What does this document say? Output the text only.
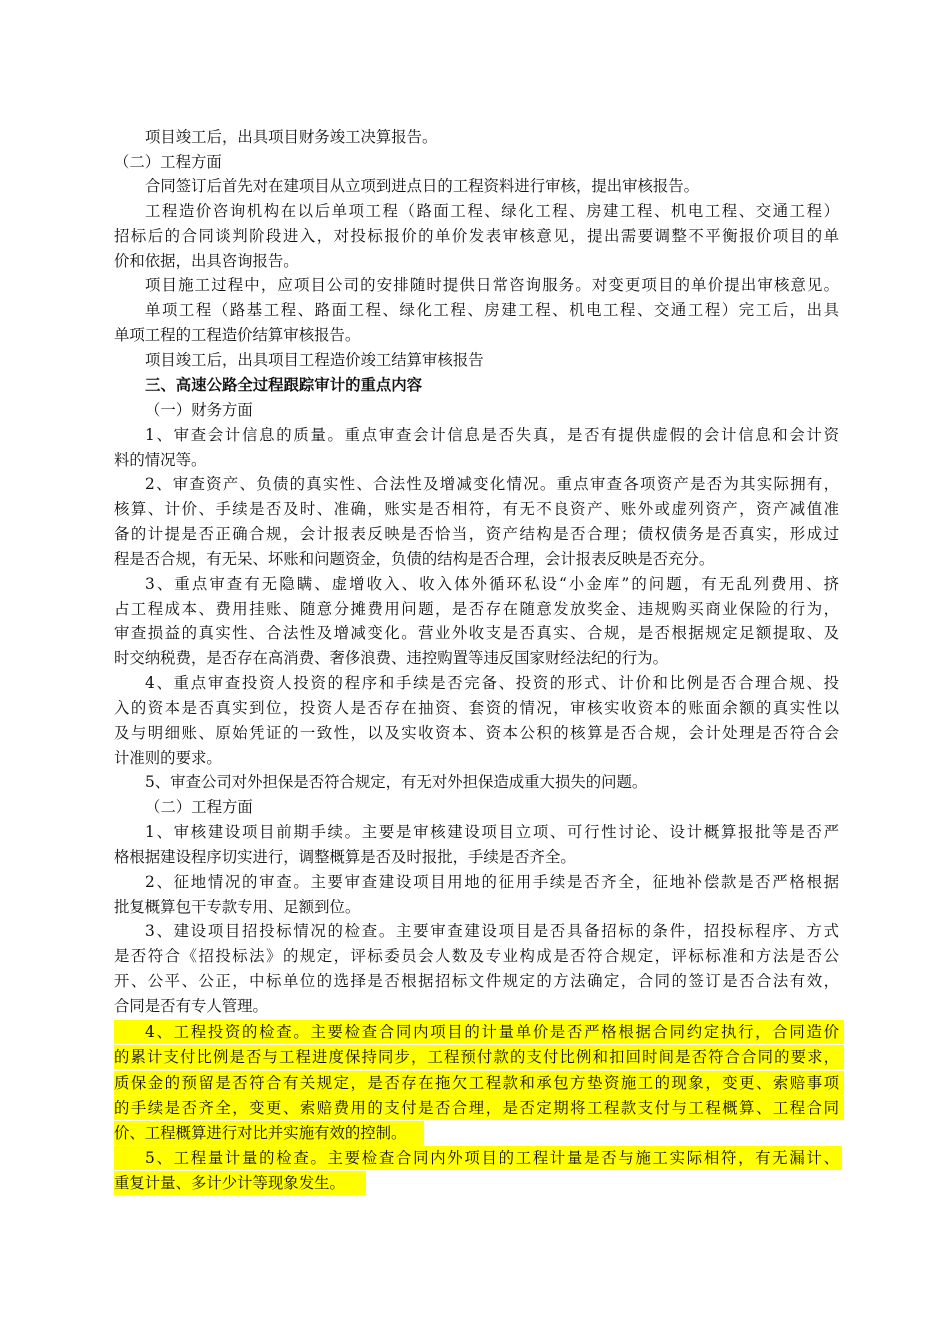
项目竣工后，出具项目财务竣工决算报告。
（二）工程方面
合同签订后首先对在建项目从立项到进点日的工程资料进行审核，提出审核报告。
工程造价咨询机构在以后单项工程（路面工程、绿化工程、房建工程、机电工程、交通工程）
招标后的合同谈判阶段进入，对投标报价的单价发表审核意见，提出需要调整不平衡报价项目的单
价和依据，出具咨询报告。
项目施工过程中，应项目公司的安排随时提供日常咨询服务。对变更项目的单价提出审核意见。
单项工程（路基工程、路面工程、绿化工程、房建工程、机电工程、交通工程）完工后，出具
单项工程的工程造价结算审核报告。
项目竣工后，出具项目工程造价竣工结算审核报告
三、高速公路全过程跟踪审计的重点内容
（一）财务方面
1、审查会计信息的质量。重点审查会计信息是否失真，是否有提供虚假的会计信息和会计资
料的情况等。
2、审查资产、负债的真实性、合法性及增减变化情况。重点审查各项资产是否为其实际拥有，
核算、计价、手续是否及时、准确，账实是否相符，有无不良资产、账外或虚列资产，资产减值准
备的计提是否正确合规，会计报表反映是否恰当，资产结构是否合理；债权债务是否真实，形成过
程是否合规，有无呆、坏账和问题资金，负债的结构是否合理，会计报表反映是否充分。
3、重点审查有无隐瞒、虚增收入、收入体外循环私设“小金库”的问题，有无乱列费用、挤
占工程成本、费用挂账、随意分摊费用问题，是否存在随意发放奖金、违规购买商业保险的行为，
审查损益的真实性、合法性及增减变化。营业外收支是否真实、合规，是否根据规定足额提取、及
时交纳税费，是否存在高消费、奢侈浪费、违控购置等违反国家财经法纪的行为。
4、重点审查投资人投资的程序和手续是否完备、投资的形式、计价和比例是否合理合规、投
入的资本是否真实到位，投资人是否存在抽资、套资的情况，审核实收资本的账面余额的真实性以
及与明细账、原始凭证的一致性，以及实收资本、资本公积的核算是否合规，会计处理是否符合会
计准则的要求。
5、审查公司对外担保是否符合规定，有无对外担保造成重大损失的问题。
（二）工程方面
1、审核建设项目前期手续。主要是审核建设项目立项、可行性讨论、设计概算报批等是否严
格根据建设程序切实进行，调整概算是否及时报批，手续是否齐全。
2、征地情况的审查。主要审查建设项目用地的征用手续是否齐全，征地补偿款是否严格根据
批复概算包干专款专用、足额到位。
3、建设项目招投标情况的检查。主要审查建设项目是否具备招标的条件，招投标程序、方式
是否符合《招投标法》的规定，评标委员会人数及专业构成是否符合规定，评标标准和方法是否公
开、公平、公正，中标单位的选择是否根据招标文件规定的方法确定，合同的签订是否合法有效，
合同是否有专人管理。
4、工程投资的检查。主要检查合同内项目的计量单价是否严格根据合同约定执行，合同造价
的累计支付比例是否与工程进度保持同步，工程预付款的支付比例和扣回时间是否符合合同的要求，
质保金的预留是否符合有关规定，是否存在拖欠工程款和承包方垫资施工的现象，变更、索赔事项
的手续是否齐全，变更、索赔费用的支付是否合理，是否定期将工程款支付与工程概算、工程合同
价、工程概算进行对比并实施有效的控制。
5、工程量计量的检查。主要检查合同内外项目的工程计量是否与施工实际相符，有无漏计、
重复计量、多计少计等现象发生。
